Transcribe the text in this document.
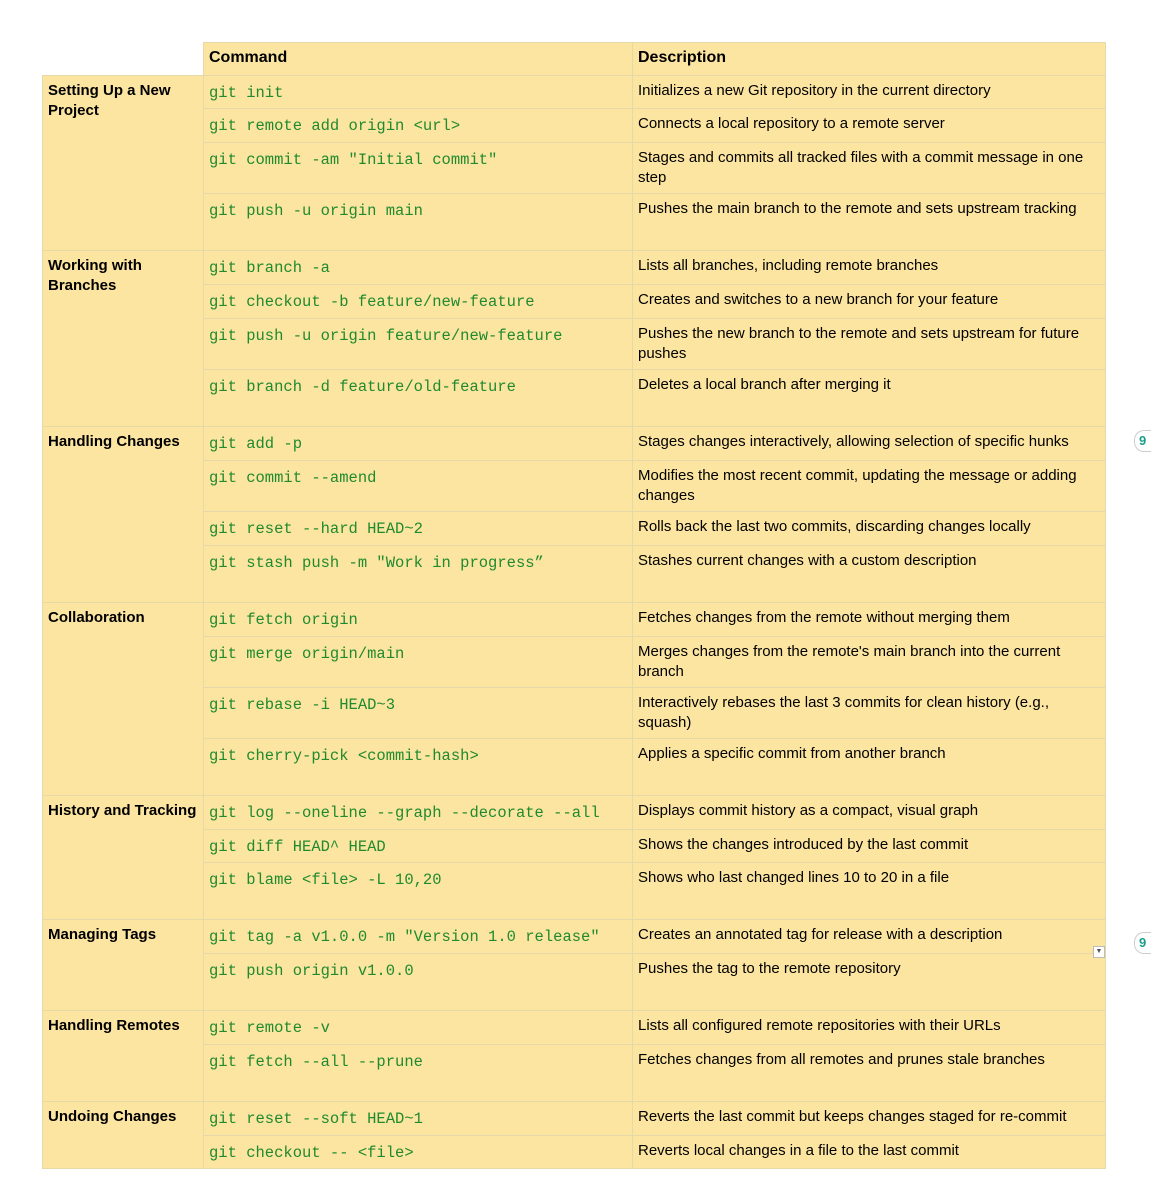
	Command	Description
Setting Up a New Project	git init	Initializes a new Git repository in the current directory
	git remote add origin <url>	Connects a local repository to a remote server
	git commit -am "Initial commit"	Stages and commits all tracked files with a commit message in one step
	git push -u origin main	Pushes the main branch to the remote and sets upstream tracking
Working with Branches	git branch -a	Lists all branches, including remote branches
	git checkout -b feature/new-feature	Creates and switches to a new branch for your feature
	git push -u origin feature/new-feature	Pushes the new branch to the remote and sets upstream for future pushes
	git branch -d feature/old-feature	Deletes a local branch after merging it
Handling Changes	git add -p	Stages changes interactively, allowing selection of specific hunks
	git commit --amend	Modifies the most recent commit, updating the message or adding changes
	git reset --hard HEAD~2	Rolls back the last two commits, discarding changes locally
	git stash push -m "Work in progress”	Stashes current changes with a custom description
Collaboration	git fetch origin	Fetches changes from the remote without merging them
	git merge origin/main	Merges changes from the remote's main branch into the current branch
	git rebase -i HEAD~3	Interactively rebases the last 3 commits for clean history (e.g., squash)
	git cherry-pick <commit-hash>	Applies a specific commit from another branch
History and Tracking	git log --oneline --graph --decorate --all	Displays commit history as a compact, visual graph
	git diff HEAD^ HEAD	Shows the changes introduced by the last commit
	git blame <file> -L 10,20	Shows who last changed lines 10 to 20 in a file
Managing Tags	git tag -a v1.0.0 -m "Version 1.0 release"	Creates an annotated tag for release with a description
	git push origin v1.0.0	Pushes the tag to the remote repository
Handling Remotes	git remote -v	Lists all configured remote repositories with their URLs
	git fetch --all --prune	Fetches changes from all remotes and prunes stale branches
Undoing Changes	git reset --soft HEAD~1	Reverts the last commit but keeps changes staged for re-commit
	git checkout -- <file>	Reverts local changes in a file to the last commit
9
9
▼
